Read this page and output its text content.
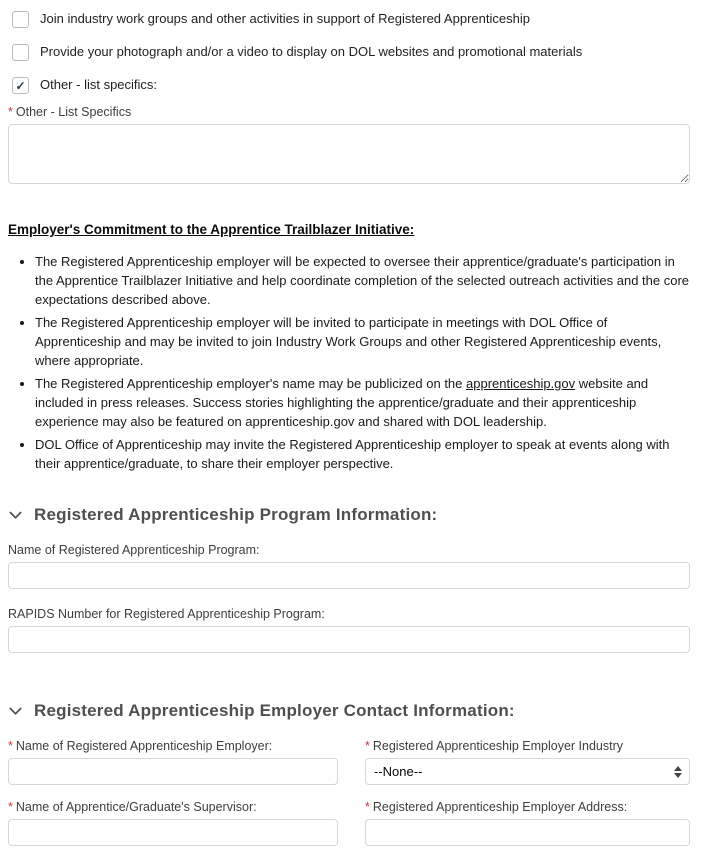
Join industry work groups and other activities in support of Registered Apprenticeship
Provide your photograph and/or a video to display on DOL websites and promotional materials
✓ Other - list specifics:
* Other - List Specifics
Employer's Commitment to the Apprentice Trailblazer Initiative:
• The Registered Apprenticeship employer will be expected to oversee their apprentice/graduate's participation in the Apprentice Trailblazer Initiative and help coordinate completion of the selected outreach activities and the core expectations described above.
• The Registered Apprenticeship employer will be invited to participate in meetings with DOL Office of Apprenticeship and may be invited to join Industry Work Groups and other Registered Apprenticeship events, where appropriate.
• The Registered Apprenticeship employer's name may be publicized on the apprenticeship.gov website and included in press releases. Success stories highlighting the apprentice/graduate and their apprenticeship experience may also be featured on apprenticeship.gov and shared with DOL leadership.
• DOL Office of Apprenticeship may invite the Registered Apprenticeship employer to speak at events along with their apprentice/graduate, to share their employer perspective.
Registered Apprenticeship Program Information:
Name of Registered Apprenticeship Program:
RAPIDS Number for Registered Apprenticeship Program:
Registered Apprenticeship Employer Contact Information:
* Name of Registered Apprenticeship Employer:	* Registered Apprenticeship Employer Industry
--None--
* Name of Apprentice/Graduate's Supervisor:	* Registered Apprenticeship Employer Address:
